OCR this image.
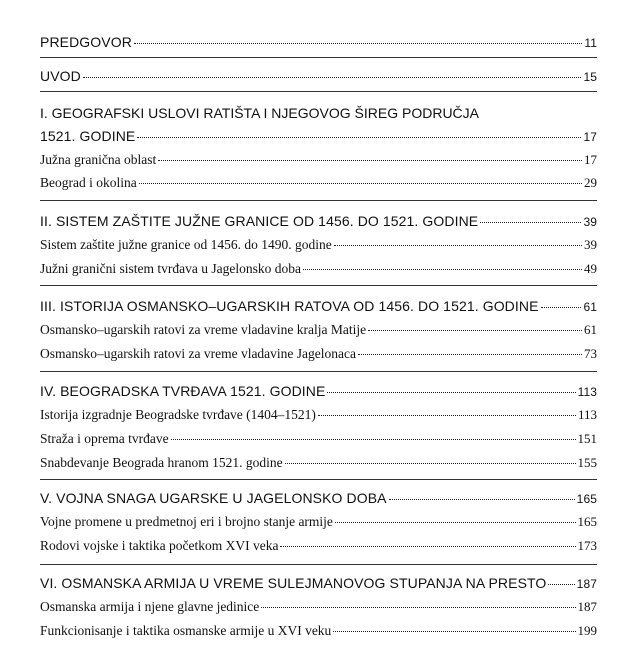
PREDGOVOR	11
UVOD	15
I. GEOGRAFSKI USLOVI RATIŠTA I NJEGOVOG ŠIREG PODRUČJA
1521. GODINE	17
Južna granična oblast	17
Beograd i okolina	29
II. SISTEM ZAŠTITE JUŽNE GRANICE OD 1456. DO 1521. GODINE	39
Sistem zaštite južne granice od 1456. do 1490. godine	39
Južni granični sistem tvrđava u Jagelonsko doba	49
III. ISTORIJA OSMANSKO–UGARSKIH RATOVA OD 1456. DO 1521. GODINE	61
Osmansko–ugarskih ratovi za vreme vladavine kralja Matije	61
Osmansko–ugarskih ratovi za vreme vladavine Jagelonaca	73
IV. BEOGRADSKA TVRĐAVA 1521. GODINE	113
Istorija izgradnje Beogradske tvrđave (1404–1521)	113
Straža i oprema tvrđave	151
Snabdevanje Beograda hranom 1521. godine	155
V. VOJNA SNAGA UGARSKE U JAGELONSKO DOBA	165
Vojne promene u predmetnoj eri i brojno stanje armije	165
Rodovi vojske i taktika početkom XVI veka	173
VI. OSMANSKA ARMIJA U VREME SULEJMANOVOG STUPANJA NA PRESTO	187
Osmanska armija i njene glavne jedinice	187
Funkcionisanje i taktika osmanske armije u XVI veku	199
